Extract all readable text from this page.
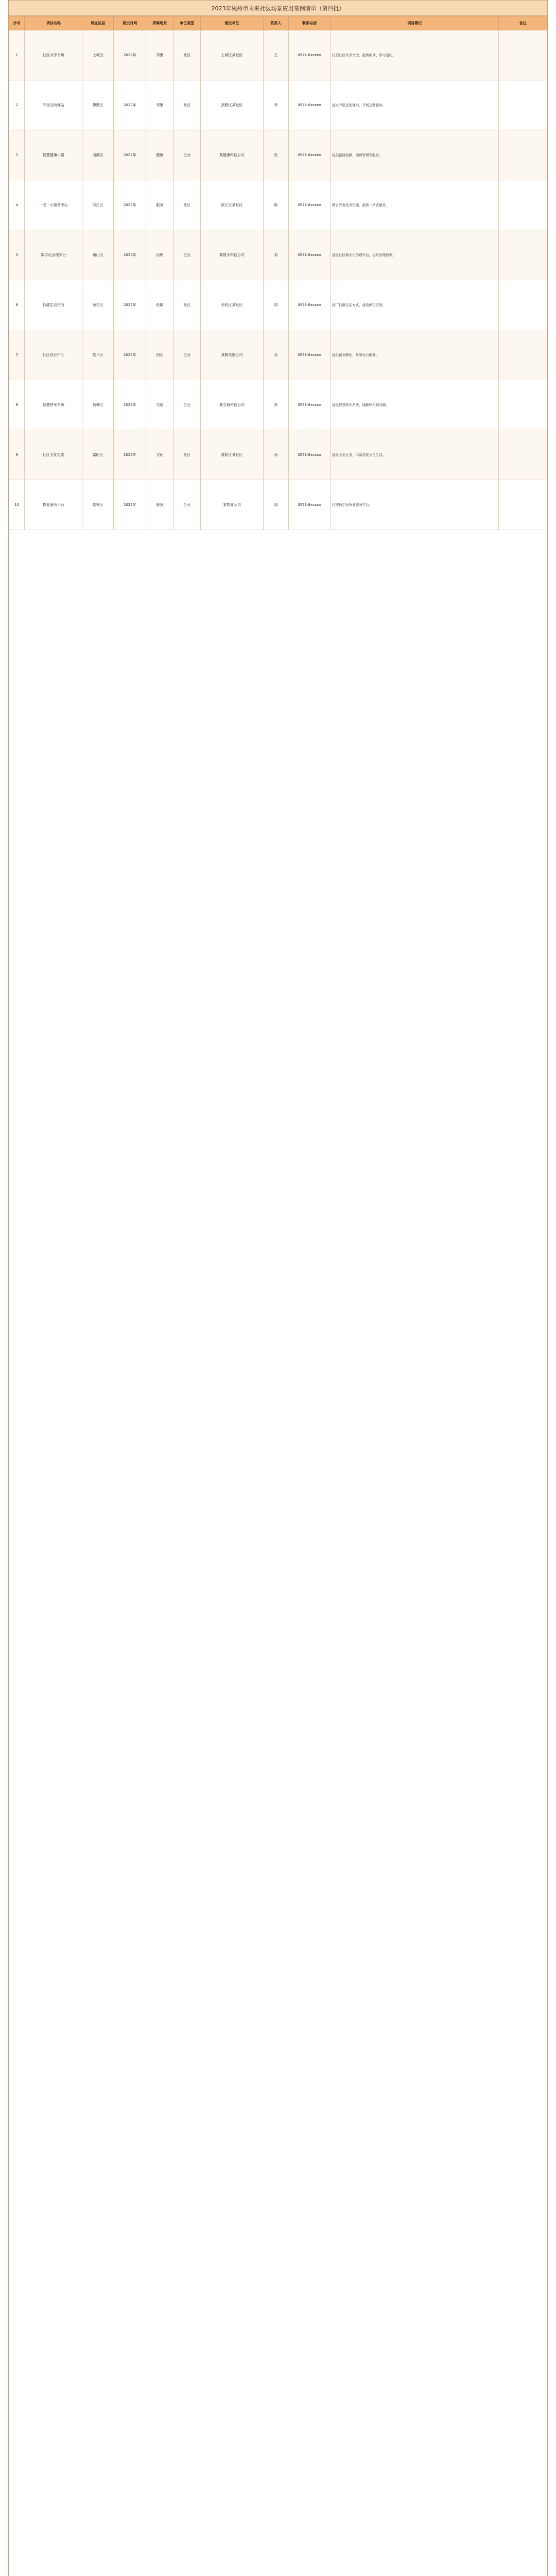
2023年杭州市未来社区场景应用案例清单（第四批）
序号	项目名称	所在区县	建设时间	所属场景	单位类型	建设单位	联系人	联系电话	项目概况	备注
1	社区共享书房	上城区	2022年	邻里	社区	上城区某社区	王	0571-8xxxxx	打造社区共享书房，提供阅读、学习空间。	
2	邻里互助驿站	拱墅区	2022年	邻里	社区	拱墅区某社区	李	0571-8xxxxx	建立邻里互助驿站，开展互助服务。	
3	智慧健康小屋	西湖区	2022年	健康	企业	某健康科技公司	张	0571-8xxxxx	提供健康检测、慢病管理等服务。	
4	一老一小服务中心	滨江区	2022年	服务	社区	滨江区某社区	陈	0571-8xxxxx	整合养老托育资源，提供一站式服务。	
5	数字化治理平台	萧山区	2022年	治理	企业	某数字科技公司	刘	0571-8xxxxx	建设社区数字化治理平台，提升治理效率。	
6	低碳生活空间	余杭区	2022年	低碳	社区	余杭区某社区	周	0571-8xxxxx	推广低碳生活方式，建设绿色空间。	
7	社区创业中心	临平区	2022年	创业	企业	某孵化器公司	吴	0571-8xxxxx	提供创业孵化、共享办公服务。	
8	智慧停车系统	钱塘区	2022年	交通	企业	某交通科技公司	郑	0571-8xxxxx	建设智慧停车系统，缓解停车难问题。	
9	社区文化礼堂	富阳区	2022年	文化	社区	富阳区某社区	孙	0571-8xxxxx	建设文化礼堂，丰富居民文化生活。	
10	物业服务平台	临安区	2022年	服务	企业	某物业公司	钱	0571-8xxxxx	打造数字化物业服务平台。	
